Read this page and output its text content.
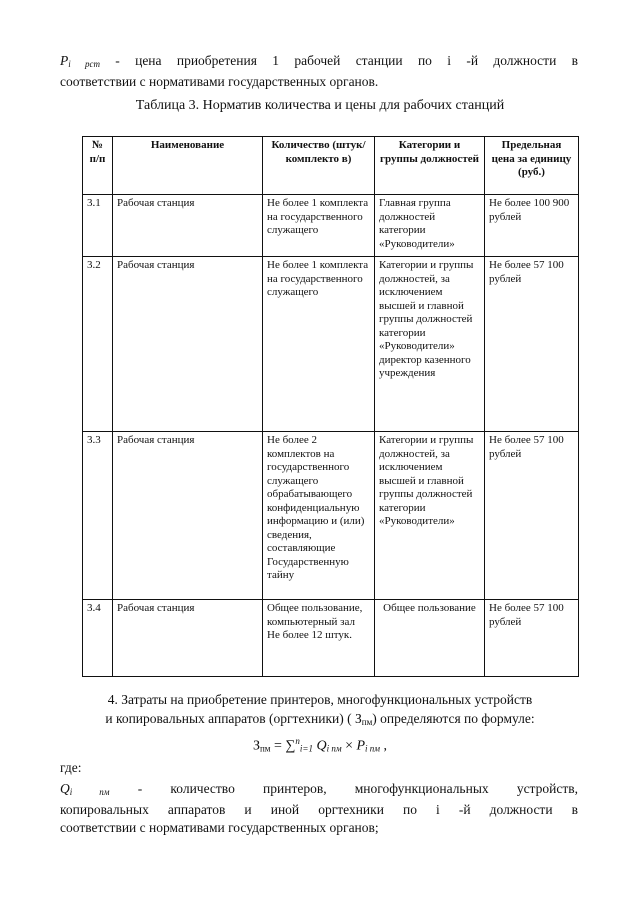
$P_{i рст}$ - цена приобретения 1 рабочей станции по i -й должности в
соответствии с нормативами государственных органов.
Таблица 3. Норматив количества и цены для рабочих станций
№ п/п	Наименование	Количество (штук/комплекто в)	Категории и группы должностей	Предельная цена за единицу (руб.)
3.1	Рабочая станция	Не более 1 комплекта на государственного служащего	Главная группа должностей категории «Руководители»	Не более 100 900 рублей
3.2	Рабочая станция	Не более 1 комплекта на государственного служащего	Категории и группы должностей, за исключением высшей и главной группы должностей категории «Руководители» директор казенного учреждения	Не более 57 100 рублей
3.3	Рабочая станция	Не более 2 комплектов на государственного служащего обрабатывающего конфиденциальную информацию и (или) сведения, составляющие Государственную тайну	Категории и группы должностей, за исключением высшей и главной группы должностей категории «Руководители»	Не более 57 100 рублей
3.4	Рабочая станция	Общее пользование, компьютерный зал Не более 12 штук.	Общее пользование	Не более 57 100 рублей
4. Затраты на приобретение принтеров, многофункциональных устройств
и копировальных аппаратов (оргтехники) ( $З_{пм}$) определяются по формуле:
$З_{пм} = \sum^n_{i=1}$ $Q_{i пм} \times P_{i пм}$ ,
где:
$Q_{i пм}$ - количество принтеров, многофункциональных устройств,
копировальных аппаратов и иной оргтехники по i -й должности в
соответствии с нормативами государственных органов;
